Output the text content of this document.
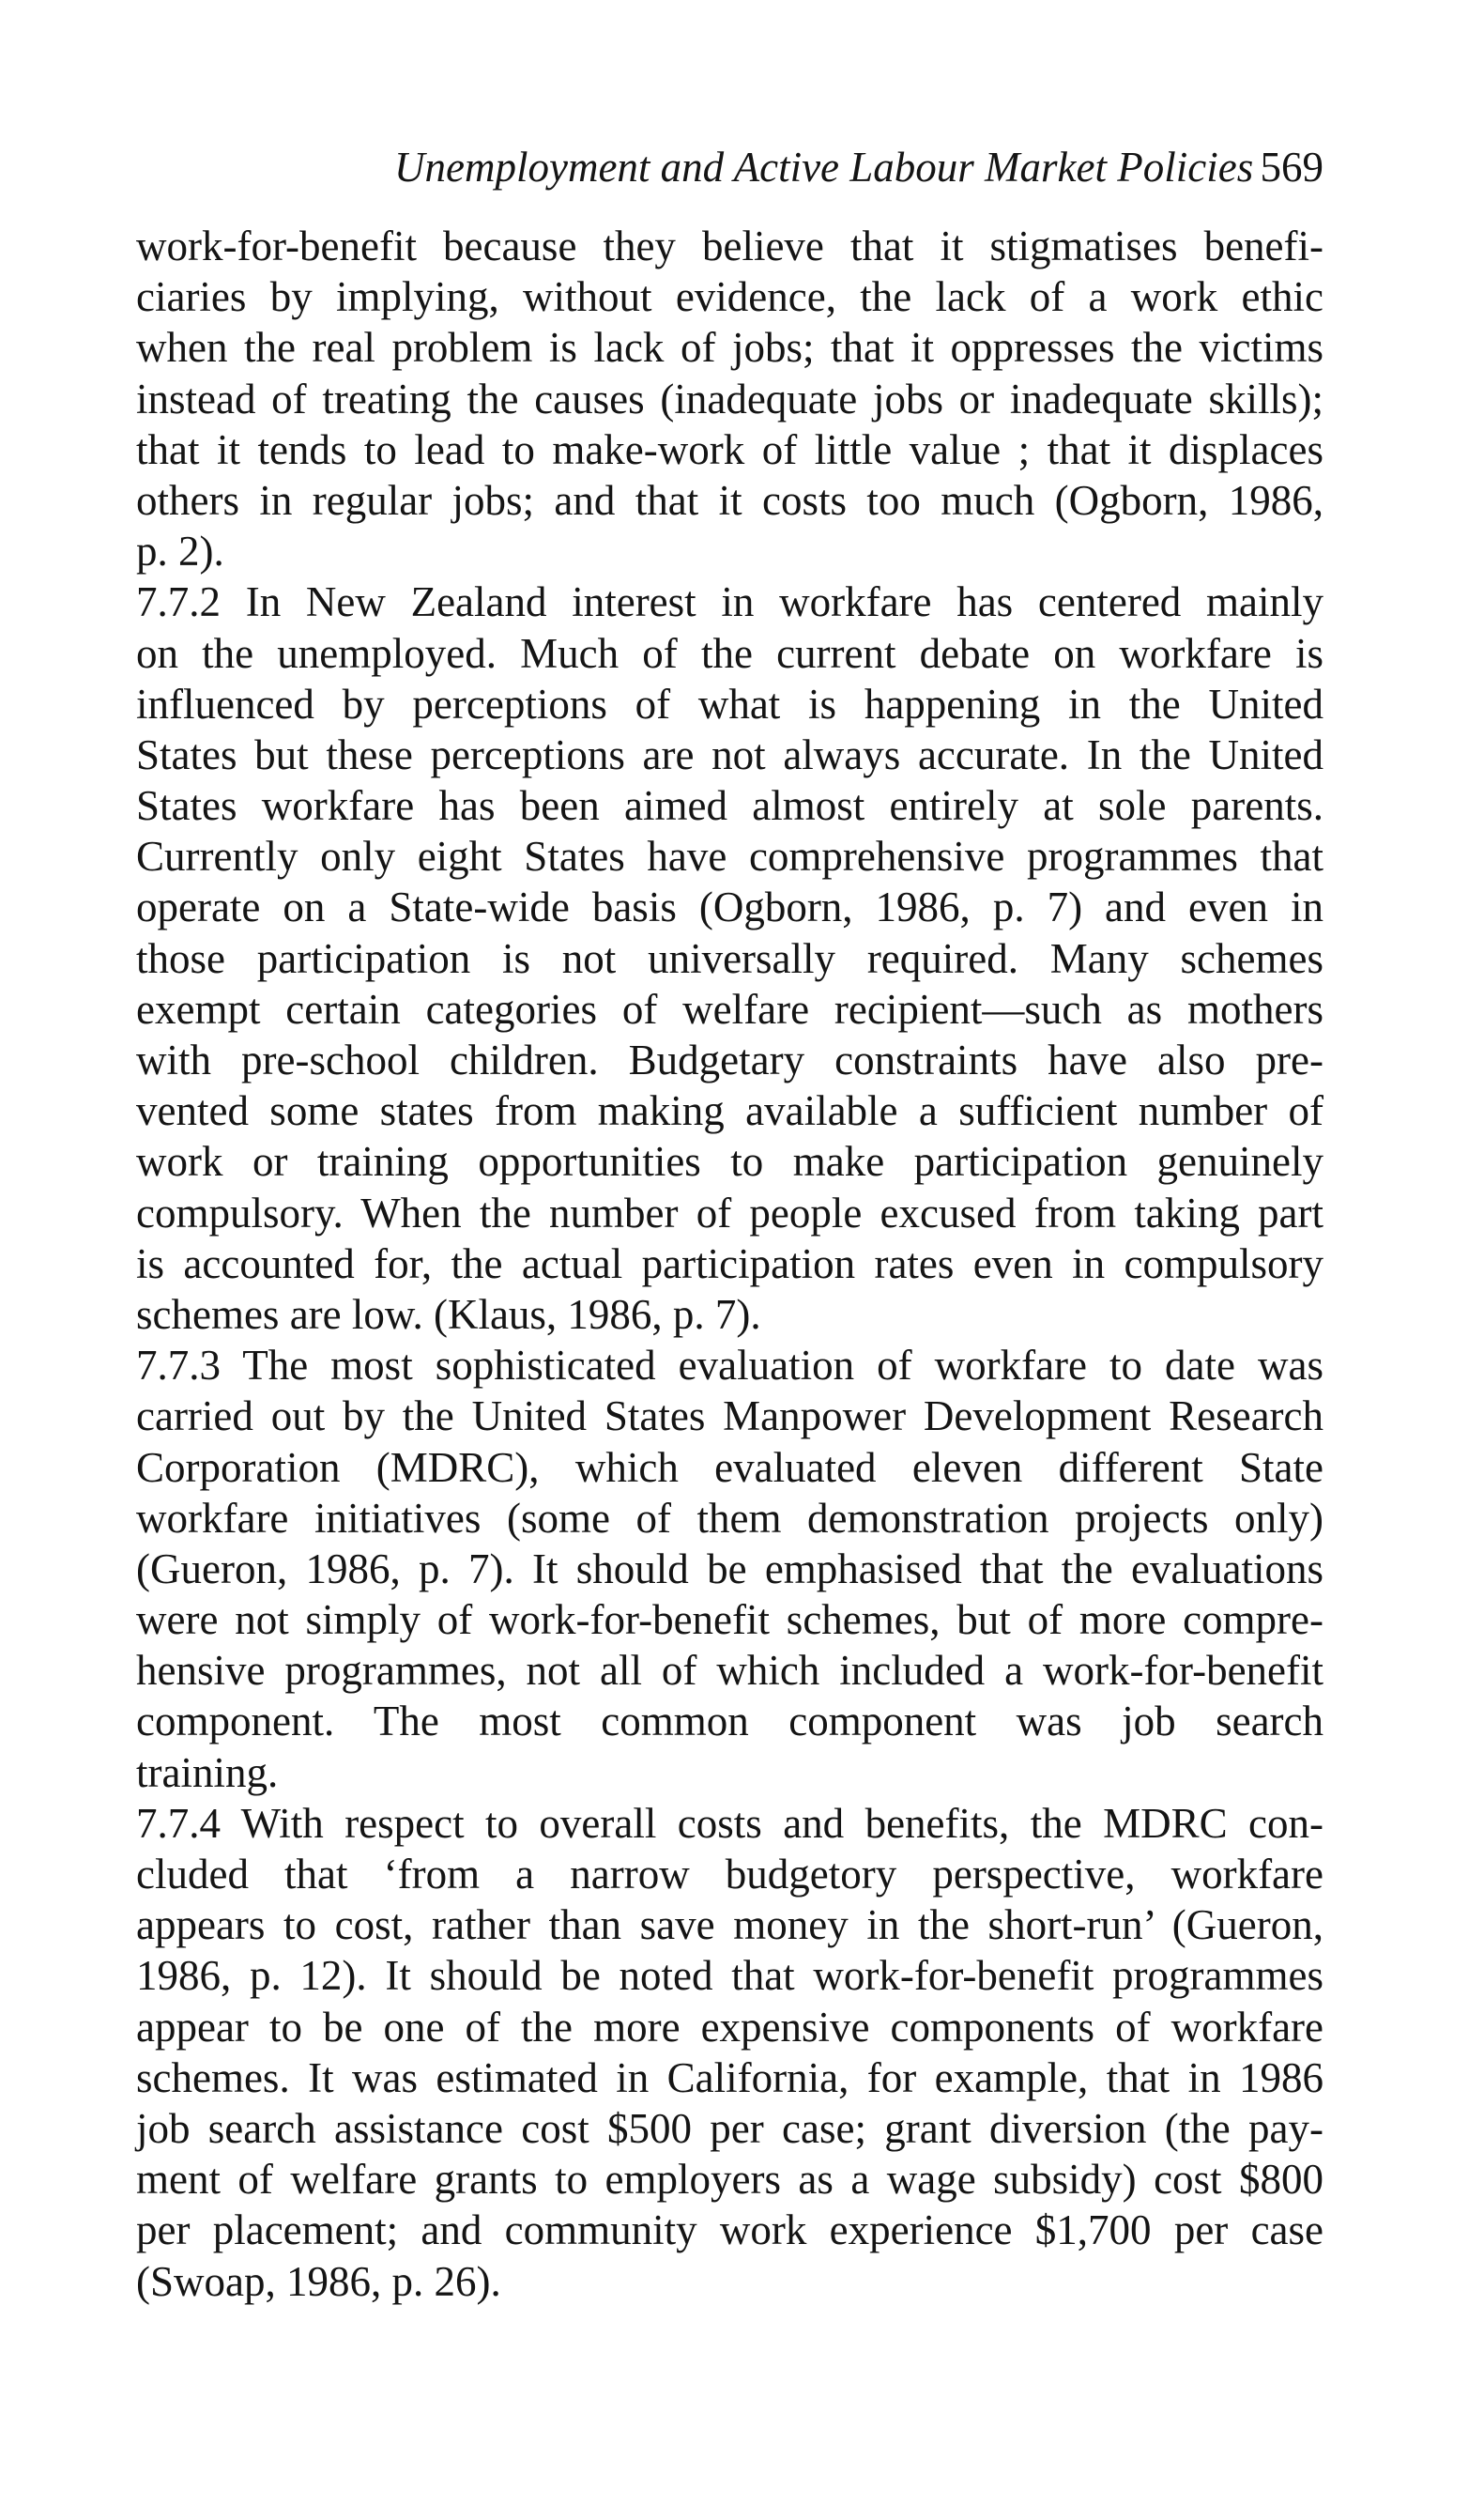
Unemployment and Active Labour Market Policies 569
work-for-benefit because they believe that it stigmatises benefi-
ciaries by implying, without evidence, the lack of a work ethic
when the real problem is lack of jobs; that it oppresses the victims
instead of treating the causes (inadequate jobs or inadequate skills);
that it tends to lead to make-work of little value ; that it displaces
others in regular jobs; and that it costs too much (Ogborn, 1986,
p. 2).
7.7.2 In New Zealand interest in workfare has centered mainly
on the unemployed. Much of the current debate on workfare is
influenced by perceptions of what is happening in the United
States but these perceptions are not always accurate. In the United
States workfare has been aimed almost entirely at sole parents.
Currently only eight States have comprehensive programmes that
operate on a State-wide basis (Ogborn, 1986, p. 7) and even in
those participation is not universally required. Many schemes
exempt certain categories of welfare recipient—such as mothers
with pre-school children. Budgetary constraints have also pre-
vented some states from making available a sufficient number of
work or training opportunities to make participation genuinely
compulsory. When the number of people excused from taking part
is accounted for, the actual participation rates even in compulsory
schemes are low. (Klaus, 1986, p. 7).
7.7.3 The most sophisticated evaluation of workfare to date was
carried out by the United States Manpower Development Research
Corporation (MDRC), which evaluated eleven different State
workfare initiatives (some of them demonstration projects only)
(Gueron, 1986, p. 7). It should be emphasised that the evaluations
were not simply of work-for-benefit schemes, but of more compre-
hensive programmes, not all of which included a work-for-benefit
component. The most common component was job search
training.
7.7.4 With respect to overall costs and benefits, the MDRC con-
cluded that ‘from a narrow budgetory perspective, workfare
appears to cost, rather than save money in the short-run’ (Gueron,
1986, p. 12). It should be noted that work-for-benefit programmes
appear to be one of the more expensive components of workfare
schemes. It was estimated in California, for example, that in 1986
job search assistance cost $500 per case; grant diversion (the pay-
ment of welfare grants to employers as a wage subsidy) cost $800
per placement; and community work experience $1,700 per case
(Swoap, 1986, p. 26).
